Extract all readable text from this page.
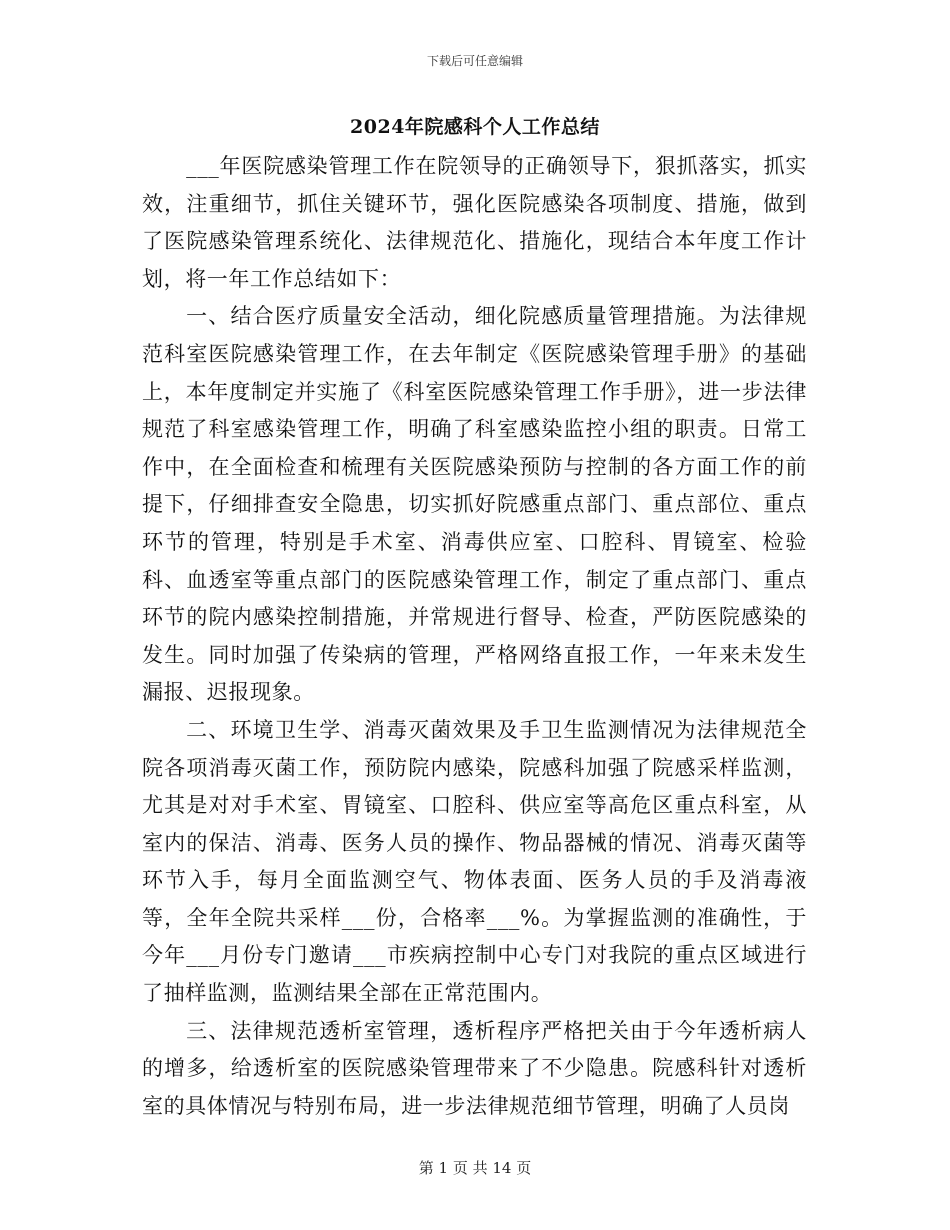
下载后可任意编辑
2024年院感科个人工作总结

___年医院感染管理工作在院领导的正确领导下，狠抓落实，抓实效，注重细节，抓住关键环节，强化医院感染各项制度、措施，做到了医院感染管理系统化、法律规范化、措施化，现结合本年度工作计划，将一年工作总结如下：

一、结合医疗质量安全活动，细化院感质量管理措施。为法律规范科室医院感染管理工作，在去年制定《医院感染管理手册》的基础上，本年度制定并实施了《科室医院感染管理工作手册》，进一步法律规范了科室感染管理工作，明确了科室感染监控小组的职责。日常工作中，在全面检查和梳理有关医院感染预防与控制的各方面工作的前提下，仔细排查安全隐患，切实抓好院感重点部门、重点部位、重点环节的管理，特别是手术室、消毒供应室、口腔科、胃镜室、检验科、血透室等重点部门的医院感染管理工作，制定了重点部门、重点环节的院内感染控制措施，并常规进行督导、检查，严防医院感染的发生。同时加强了传染病的管理，严格网络直报工作，一年来未发生漏报、迟报现象。

二、环境卫生学、消毒灭菌效果及手卫生监测情况为法律规范全院各项消毒灭菌工作，预防院内感染，院感科加强了院感采样监测，尤其是对对手术室、胃镜室、口腔科、供应室等高危区重点科室，从室内的保洁、消毒、医务人员的操作、物品器械的情况、消毒灭菌等环节入手，每月全面监测空气、物体表面、医务人员的手及消毒液等，全年全院共采样___份，合格率___%。为掌握监测的准确性，于今年___月份专门邀请___市疾病控制中心专门对我院的重点区域进行了抽样监测，监测结果全部在正常范围内。

三、法律规范透析室管理，透析程序严格把关由于今年透析病人的增多，给透析室的医院感染管理带来了不少隐患。院感科针对透析室的具体情况与特别布局，进一步法律规范细节管理，明确了人员岗

第 1 页 共 14 页
